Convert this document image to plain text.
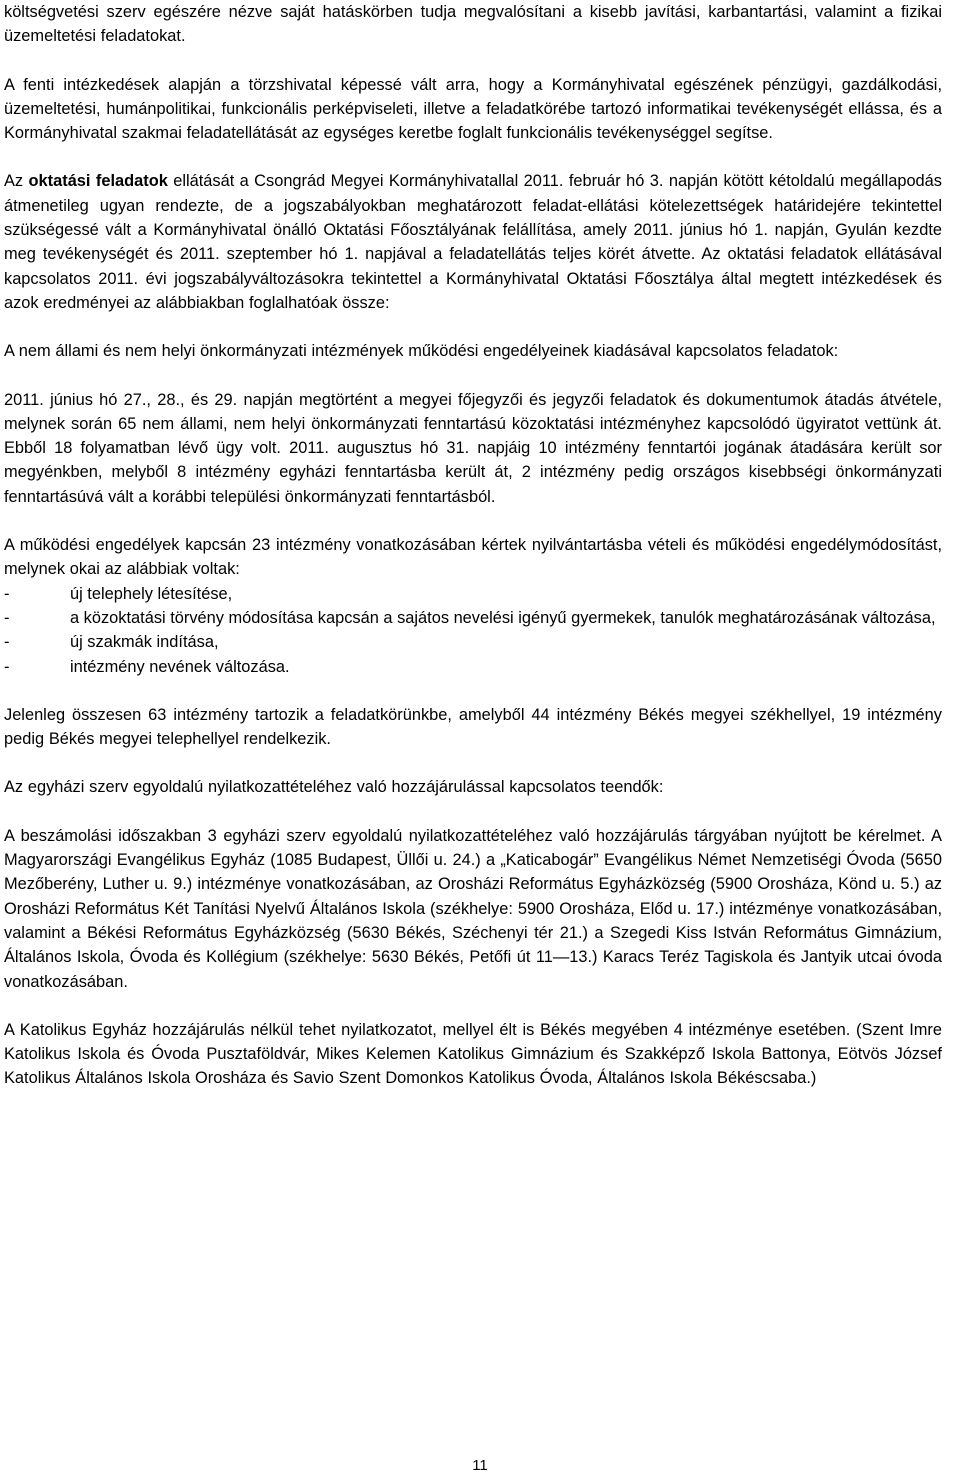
költségvetési szerv egészére nézve saját hatáskörben tudja megvalósítani a kisebb javítási, karbantartási, valamint a fizikai üzemeltetési feladatokat.

A fenti intézkedések alapján a törzshivatal képessé vált arra, hogy a Kormányhivatal egészének pénzügyi, gazdálkodási, üzemeltetési, humánpolitikai, funkcionális perképviseleti, illetve a feladatkörébe tartozó informatikai tevékenységét ellássa, és a Kormányhivatal szakmai feladatellátását az egységes keretbe foglalt funkcionális tevékenységgel segítse.

Az oktatási feladatok ellátását a Csongrád Megyei Kormányhivatallal 2011. február hó 3. napján kötött kétoldalú megállapodás átmenetileg ugyan rendezte, de a jogszabályokban meghatározott feladat-ellátási kötelezettségek határidejére tekintettel szükségessé vált a Kormányhivatal önálló Oktatási Főosztályának felállítása, amely 2011. június hó 1. napján, Gyulán kezdte meg tevékenységét és 2011. szeptember hó 1. napjával a feladatellátás teljes körét átvette. Az oktatási feladatok ellátásával kapcsolatos 2011. évi jogszabályváltozásokra tekintettel a Kormányhivatal Oktatási Főosztálya által megtett intézkedések és azok eredményei az alábbiakban foglalhatóak össze:

A nem állami és nem helyi önkormányzati intézmények működési engedélyeinek kiadásával kapcsolatos feladatok:

2011. június hó 27., 28., és 29. napján megtörtént a megyei főjegyzői és jegyzői feladatok és dokumentumok átadás átvétele, melynek során 65 nem állami, nem helyi önkormányzati fenntartású közoktatási intézményhez kapcsolódó ügyiratot vettünk át. Ebből 18 folyamatban lévő ügy volt. 2011. augusztus hó 31. napjáig 10 intézmény fenntartói jogának átadására került sor megyénkben, melyből 8 intézmény egyházi fenntartásba került át, 2 intézmény pedig országos kisebbségi önkormányzati fenntartásúvá vált a korábbi települési önkormányzati fenntartásból.

A működési engedélyek kapcsán 23 intézmény vonatkozásában kértek nyilvántartásba vételi és működési engedélymódosítást, melynek okai az alábbiak voltak:

-	új telephely létesítése,
-	a közoktatási törvény módosítása kapcsán a sajátos nevelési igényű gyermekek, tanulók meghatározásának változása,
-	új szakmák indítása,
-	intézmény nevének változása.

Jelenleg összesen 63 intézmény tartozik a feladatkörünkbe, amelyből 44 intézmény Békés megyei székhellyel, 19 intézmény pedig Békés megyei telephellyel rendelkezik.

Az egyházi szerv egyoldalú nyilatkozattételéhez való hozzájárulással kapcsolatos teendők:

A beszámolási időszakban 3 egyházi szerv egyoldalú nyilatkozattételéhez való hozzájárulás tárgyában nyújtott be kérelmet. A Magyarországi Evangélikus Egyház (1085 Budapest, Üllői u. 24.) a „Katicabogár” Evangélikus Német Nemzetiségi Óvoda (5650 Mezőberény, Luther u. 9.) intézménye vonatkozásában, az Orosházi Református Egyházközség (5900 Orosháza, Könd u. 5.) az Orosházi Református Két Tanítási Nyelvű Általános Iskola (székhelye: 5900 Orosháza, Előd u. 17.) intézménye vonatkozásában, valamint a Békési Református Egyházközség (5630 Békés, Széchenyi tér 21.) a Szegedi Kiss István Református Gimnázium, Általános Iskola, Óvoda és Kollégium (székhelye: 5630 Békés, Petőfi út 11—13.) Karacs Teréz Tagiskola és Jantyik utcai óvoda vonatkozásában.

A Katolikus Egyház hozzájárulás nélkül tehet nyilatkozatot, mellyel élt is Békés megyében 4 intézménye esetében. (Szent Imre Katolikus Iskola és Óvoda Pusztaföldvár, Mikes Kelemen Katolikus Gimnázium és Szakképző Iskola Battonya, Eötvös József Katolikus Általános Iskola Orosháza és Savio Szent Domonkos Katolikus Óvoda, Általános Iskola Békéscsaba.)

11
